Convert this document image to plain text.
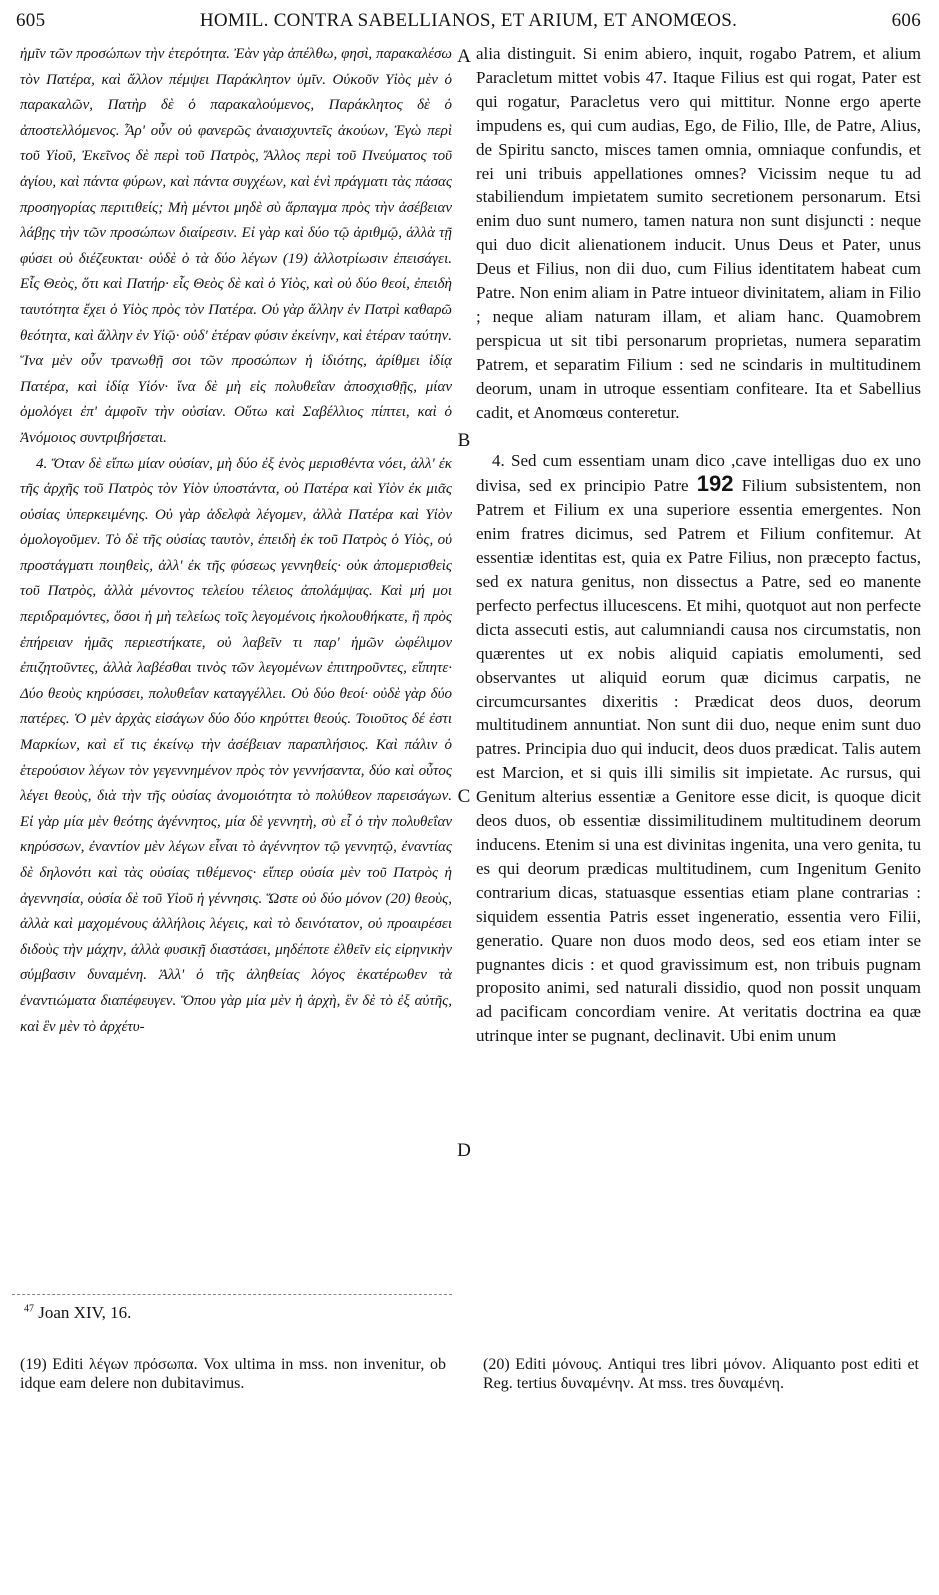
605	HOMIL. CONTRA SABELLIANOS, ET ARIUM, ET ANOMŒOS.	606

ἡμῖν τῶν προσώπων τὴν ἑτερότητα. Ἐὰν γὰρ ἀπέλθω, φησὶ, παρακαλέσω τὸν Πατέρα, καὶ ἄλλον πέμψει Παράκλητον ὑμῖν. Οὐκοῦν Υἱὸς μὲν ὁ παρακαλῶν, Πατὴρ δὲ ὁ παρακαλούμενος, Παράκλητος δὲ ὁ ἀποστελλόμενος. Ἆρ' οὖν οὐ φανερῶς ἀναισχυντεῖς ἀκούων, Ἐγὼ περὶ τοῦ Υἱοῦ, Ἐκεῖνος δὲ περὶ τοῦ Πατρὸς, Ἄλλος περὶ τοῦ Πνεύματος τοῦ ἁγίου, καὶ πάντα φύρων, καὶ πάντα συγχέων, καὶ ἑνὶ πράγματι τὰς πάσας προσηγορίας περιτιθείς; Μὴ μέντοι μηδὲ σὺ ἅρπαγμα πρὸς τὴν ἀσέβειαν λάβῃς τὴν τῶν προσώπων διαίρεσιν. Εἰ γὰρ καὶ δύο τῷ ἀριθμῷ, ἀλλὰ τῇ φύσει οὐ διέζευκται· οὐδὲ ὁ τὰ δύο λέγων (19) ἀλλοτρίωσιν ἐπεισάγει. Εἷς Θεὸς, ὅτι καὶ Πατήρ· εἷς Θεὸς δὲ καὶ ὁ Υἱὸς, καὶ οὐ δύο θεοί, ἐπειδὴ ταυτότητα ἔχει ὁ Υἱὸς πρὸς τὸν Πατέρα. Οὐ γὰρ ἄλλην ἐν Πατρὶ καθαρῶ θεότητα, καὶ ἄλλην ἐν Υἱῷ· οὐδ' ἑτέραν φύσιν ἐκείνην, καὶ ἑτέραν ταύτην. Ἵνα μὲν οὖν τρανωθῇ σοι τῶν προσώπων ἡ ἰδιότης, ἀρίθμει ἰδίᾳ Πατέρα, καὶ ἰδίᾳ Υἱόν· ἵνα δὲ μὴ εἰς πολυθεΐαν ἀποσχισθῇς, μίαν ὁμολόγει ἐπ' ἀμφοῖν τὴν οὐσίαν. Οὕτω καὶ Σαβέλλιος πίπτει, καὶ ὁ Ἀνόμοιος συντριβήσεται.

4. Ὅταν δὲ εἴπω μίαν οὐσίαν, μὴ δύο ἐξ ἑνὸς μερισθέντα νόει, ἀλλ' ἐκ τῆς ἀρχῆς τοῦ Πατρὸς τὸν Υἱὸν ὑποστάντα, οὐ Πατέρα καὶ Υἱὸν ἐκ μιᾶς οὐσίας ὑπερκειμένης. Οὐ γὰρ ἀδελφὰ λέγομεν, ἀλλὰ Πατέρα καὶ Υἱὸν ὁμολογοῦμεν. Τὸ δὲ τῆς οὐσίας ταυτὸν, ἐπειδὴ ἐκ τοῦ Πατρὸς ὁ Υἱὸς, οὐ προστάγματι ποιηθεὶς, ἀλλ' ἐκ τῆς φύσεως γεννηθείς· οὐκ ἀπομερισθεὶς τοῦ Πατρὸς, ἀλλὰ μένοντος τελείου τέλειος ἀπολάμψας. Καὶ μή μοι περιδραμόντες, ὅσοι ἡ μὴ τελείως τοῖς λεγομένοις ἠκολουθήκατε, ἢ πρὸς ἐπήρειαν ἡμᾶς περιεστήκατε, οὐ λαβεῖν τι παρ' ἡμῶν ὠφέλιμον ἐπιζητοῦντες, ἀλλὰ λαβέσθαι τινὸς τῶν λεγομένων ἐπιτηροῦντες, εἴπητε· Δύο θεοὺς κηρύσσει, πολυθεΐαν καταγγέλλει. Οὐ δύο θεοί· οὐδὲ γὰρ δύο πατέρες. Ὁ μὲν ἀρχὰς εἰσάγων δύο δύο κηρύττει θεούς. Τοιοῦτος δέ ἐστι Μαρκίων, καὶ εἴ τις ἐκείνῳ τὴν ἀσέβειαν παραπλήσιος. Καὶ πάλιν ὁ ἑτερούσιον λέγων τὸν γεγεννημένον πρὸς τὸν γεννήσαντα, δύο καὶ οὗτος λέγει θεοὺς, διὰ τὴν τῆς οὐσίας ἀνομοιότητα τὸ πολύθεον παρεισάγων. Εἰ γὰρ μία μὲν θεότης ἀγέννητος, μία δὲ γεννητὴ, σὺ εἶ ὁ τὴν πολυθεΐαν κηρύσσων, ἐναντίον μὲν λέγων εἶναι τὸ ἀγέννητον τῷ γεννητῷ, ἐναντίας δὲ δηλονότι καὶ τὰς οὐσίας τιθέμενος· εἴπερ οὐσία μὲν τοῦ Πατρὸς ἡ ἀγεννησία, οὐσία δὲ τοῦ Υἱοῦ ἡ γέννησις. Ὥστε οὐ δύο μόνον (20) θεοὺς, ἀλλὰ καὶ μαχομένους ἀλλήλοις λέγεις, καὶ τὸ δεινότατον, οὐ προαιρέσει διδοὺς τὴν μάχην, ἀλλὰ φυσικῇ διαστάσει, μηδέποτε ἐλθεῖν εἰς εἰρηνικὴν σύμβασιν δυναμένη. Ἀλλ' ὁ τῆς ἀληθείας λόγος ἑκατέρωθεν τὰ ἐναντιώματα διαπέφευγεν. Ὅπου γὰρ μία μὲν ἡ ἀρχὴ, ἓν δὲ τὸ ἐξ αὐτῆς, καὶ ἓν μὲν τὸ ἀρχέτυ-

A
B
C
D

alia distinguit. Si enim abiero, inquit, rogabo Patrem, et alium Paracletum mittet vobis 47. Itaque Filius est qui rogat, Pater est qui rogatur, Paracletus vero qui mittitur. Nonne ergo aperte impudens es, qui cum audias, Ego, de Filio, Ille, de Patre, Alius, de Spiritu sancto, misces tamen omnia, omniaque confundis, et rei uni tribuis appellationes omnes? Vicissim neque tu ad stabiliendum impietatem sumito secretionem personarum. Etsi enim duo sunt numero, tamen natura non sunt disjuncti : neque qui duo dicit alienationem inducit. Unus Deus et Pater, unus Deus et Filius, non dii duo, cum Filius identitatem habeat cum Patre. Non enim aliam in Patre intueor divinitatem, aliam in Filio ; neque aliam naturam illam, et aliam hanc. Quamobrem perspicua ut sit tibi personarum proprietas, numera separatim Patrem, et separatim Filium : sed ne scindaris in multitudinem deorum, unam in utroque essentiam confiteare. Ita et Sabellius cadit, et Anomœus conteretur.

4. Sed cum essentiam unam dico ,cave intelligas duo ex uno divisa, sed ex principio Patre 192 Filium subsistentem, non Patrem et Filium ex una superiore essentia emergentes. Non enim fratres dicimus, sed Patrem et Filium confitemur. At essentiæ identitas est, quia ex Patre Filius, non præcepto factus, sed ex natura genitus, non dissectus a Patre, sed eo manente perfecto perfectus illucescens. Et mihi, quotquot aut non perfecte dicta assecuti estis, aut calumniandi causa nos circumstatis, non quærentes ut ex nobis aliquid capiatis emolumenti, sed observantes ut aliquid eorum quæ dicimus carpatis, ne circumcursantes dixeritis : Prædicat deos duos, deorum multitudinem annuntiat. Non sunt dii duo, neque enim sunt duo patres. Principia duo qui inducit, deos duos prædicat. Talis autem est Marcion, et si quis illi similis sit impietate. Ac rursus, qui Genitum alterius essentiæ a Genitore esse dicit, is quoque dicit deos duos, ob essentiæ dissimilitudinem multitudinem deorum inducens. Etenim si una est divinitas ingenita, una vero genita, tu es qui deorum prædicas multitudinem, cum Ingenitum Genito contrarium dicas, statuasque essentias etiam plane contrarias : siquidem essentia Patris esset ingeneratio, essentia vero Filii, generatio. Quare non duos modo deos, sed eos etiam inter se pugnantes dicis : et quod gravissimum est, non tribuis pugnam proposito animi, sed naturali dissidio, quod non possit unquam ad pacificam concordiam venire. At veritatis doctrina ea quæ utrinque inter se pugnant, declinavit. Ubi enim unum

$^{47}$ Joan XIV, 16.
(19) Editi λέγων πρόσωπα. Vox ultima in mss. non invenitur, ob idque eam delere non dubitavimus.
(20) Editi μόνους. Antiqui tres libri μόνον. Aliquanto post editi et Reg. tertius δυναμένην. At mss. tres δυναμένη.
